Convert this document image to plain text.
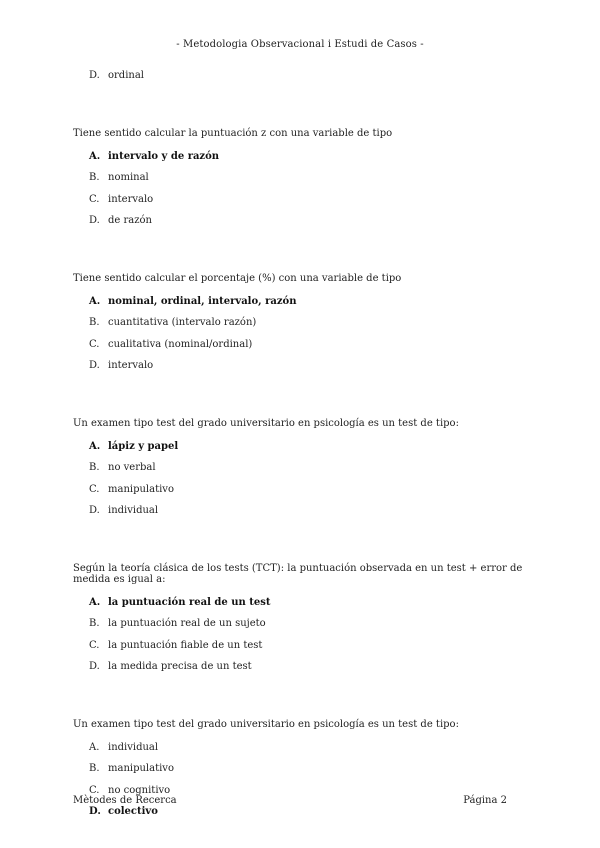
- Metodologia Observacional i Estudi de Casos -
D. ordinal
Tiene sentido calcular la puntuación z con una variable de tipo
A. intervalo y de razón
B. nominal
C. intervalo
D. de razón
Tiene sentido calcular el porcentaje (%) con una variable de tipo
A. nominal, ordinal, intervalo, razón
B. cuantitativa (intervalo razón)
C. cualitativa (nominal/ordinal)
D. intervalo
Un examen tipo test del grado universitario en psicología es un test de tipo:
A. lápiz y papel
B. no verbal
C. manipulativo
D. individual
Según la teoría clásica de los tests (TCT): la puntuación observada en un test + error de medida es igual a:
A. la puntuación real de un test
B. la puntuación real de un sujeto
C. la puntuación fiable de un test
D. la medida precisa de un test
Un examen tipo test del grado universitario en psicología es un test de tipo:
A. individual
B. manipulativo
C. no cognitivo
D. colectivo
Mètodes de Recerca	Página 2
